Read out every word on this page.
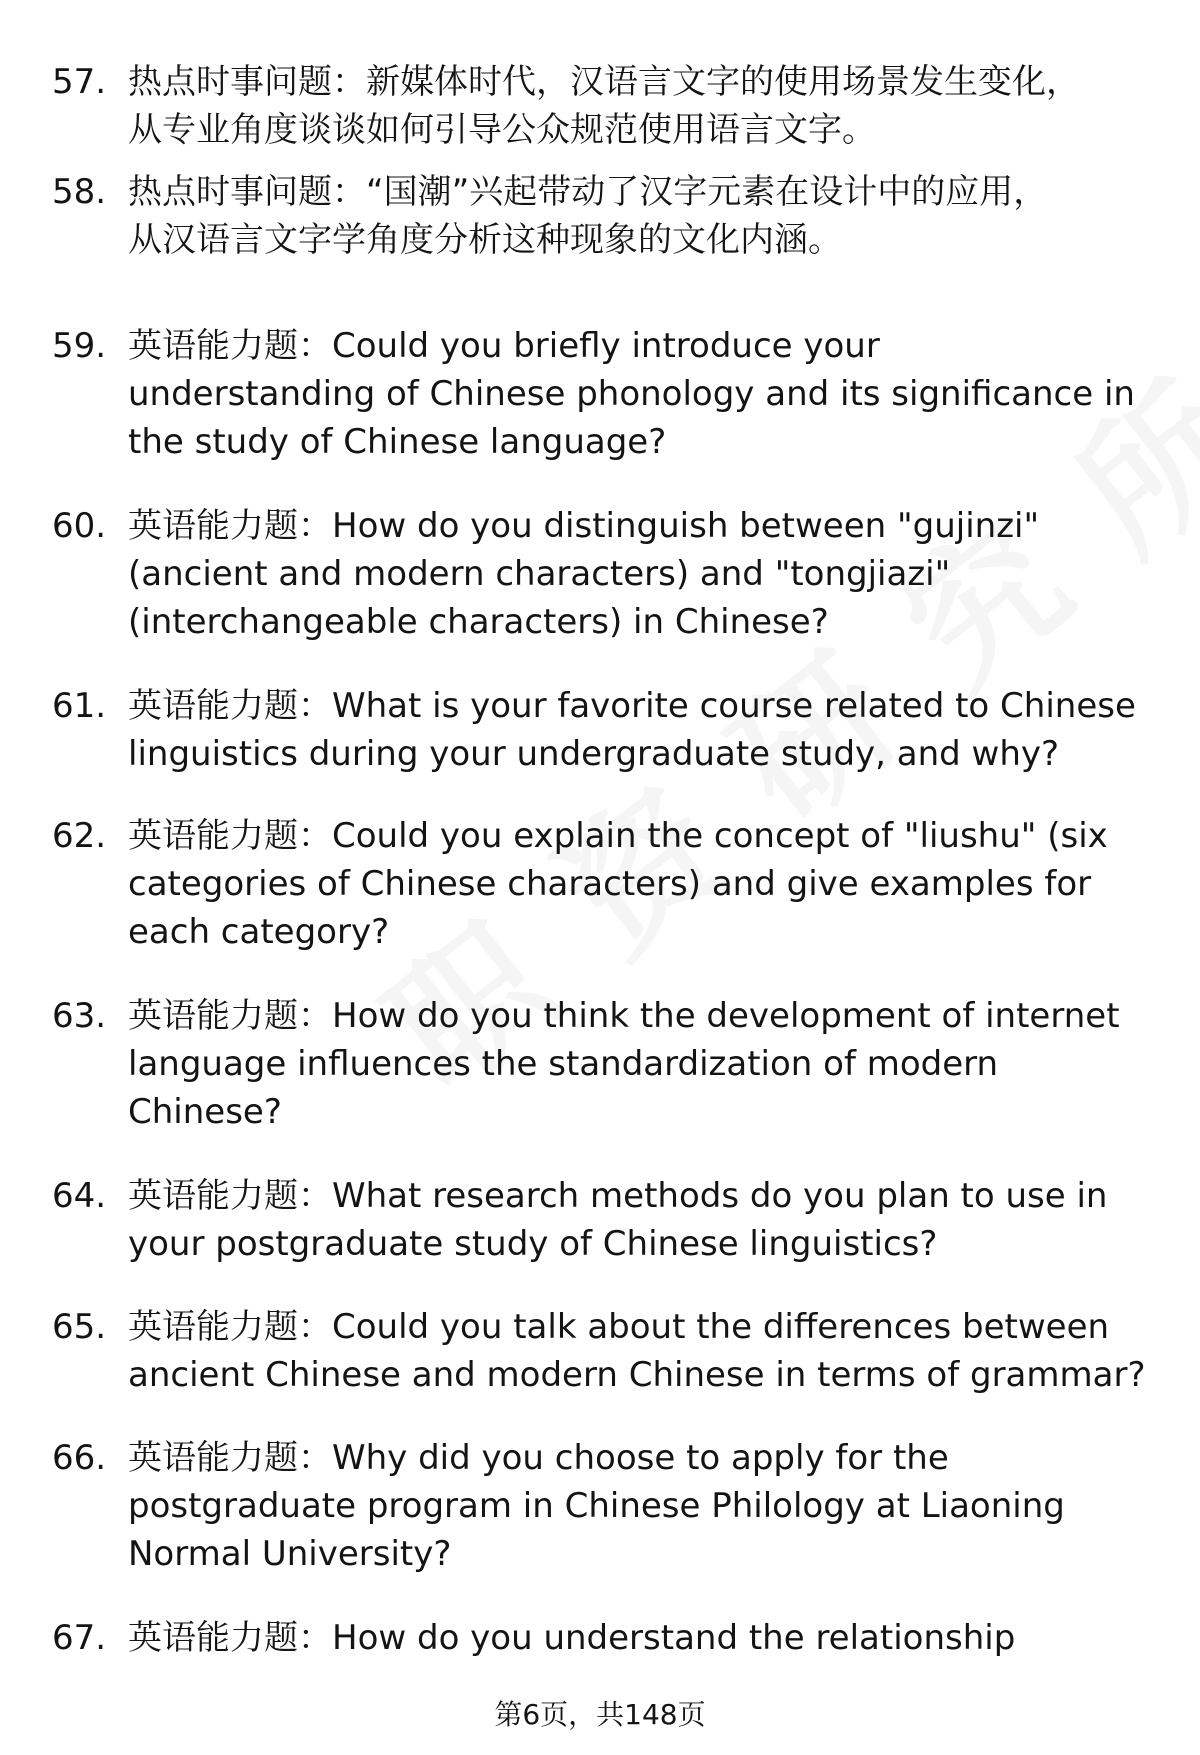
57. 热点时事问题：新媒体时代，汉语言文字的使用场景发生变化，
从专业角度谈谈如何引导公众规范使用语言文字。
58. 热点时事问题：“国潮”兴起带动了汉字元素在设计中的应用，
从汉语言文字学角度分析这种现象的文化内涵。
59. 英语能力题：Could you briefly introduce your
understanding of Chinese phonology and its significance in
the study of Chinese language?
60. 英语能力题：How do you distinguish between "gujinzi"
(ancient and modern characters) and "tongjiazi"
(interchangeable characters) in Chinese?
61. 英语能力题：What is your favorite course related to Chinese
linguistics during your undergraduate study, and why?
62. 英语能力题：Could you explain the concept of "liushu" (six
categories of Chinese characters) and give examples for
each category?
63. 英语能力题：How do you think the development of internet
language influences the standardization of modern
Chinese?
64. 英语能力题：What research methods do you plan to use in
your postgraduate study of Chinese linguistics?
65. 英语能力题：Could you talk about the differences between
ancient Chinese and modern Chinese in terms of grammar?
66. 英语能力题：Why did you choose to apply for the
postgraduate program in Chinese Philology at Liaoning
Normal University?
67. 英语能力题：How do you understand the relationship
第6页，共148页
